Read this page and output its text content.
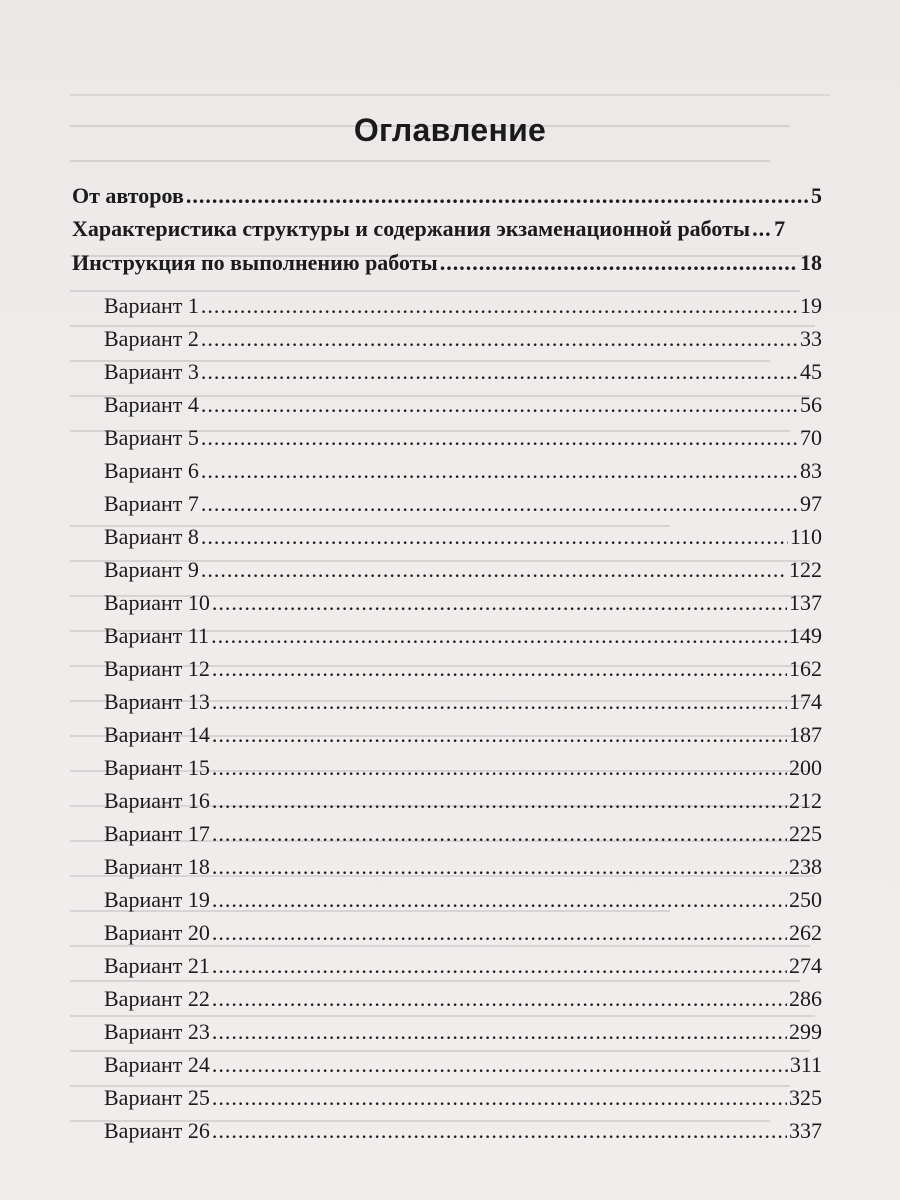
Оглавление
От авторов .....	5
Характеристика структуры и содержания экзаменационной работы ..... 7
Инструкция по выполнению работы .....	18
Вариант 1 .....	19
Вариант 2 .....	33
Вариант 3 .....	45
Вариант 4 .....	56
Вариант 5 .....	70
Вариант 6 .....	83
Вариант 7 .....	97
Вариант 8 .....	110
Вариант 9 .....	122
Вариант 10 .....	137
Вариант 11 .....	149
Вариант 12 .....	162
Вариант 13 .....	174
Вариант 14 .....	187
Вариант 15 .....	200
Вариант 16 .....	212
Вариант 17 .....	225
Вариант 18 .....	238
Вариант 19 .....	250
Вариант 20 .....	262
Вариант 21 .....	274
Вариант 22 .....	286
Вариант 23 .....	299
Вариант 24 .....	311
Вариант 25 .....	325
Вариант 26 .....	337
